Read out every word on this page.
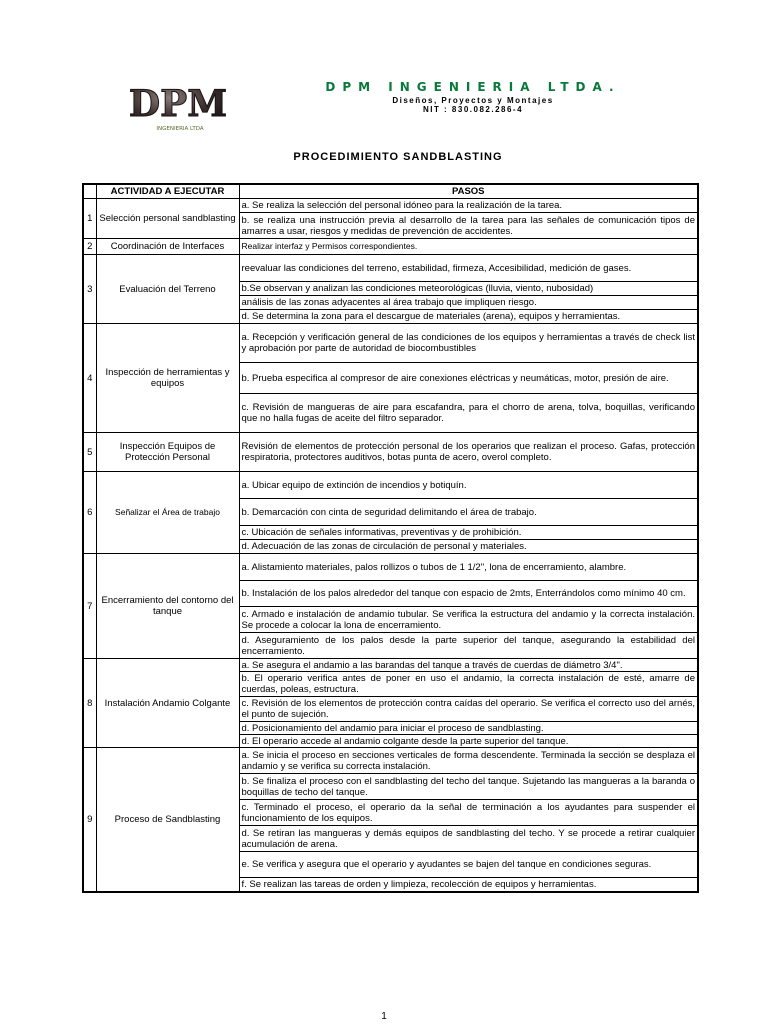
DPM
INGENIERIA LTDA
DPM INGENIERIA LTDA.
Diseños, Proyectos y Montajes
NIT : 830.082.286-4
PROCEDIMIENTO SANDBLASTING
	ACTIVIDAD A EJECUTAR	PASOS
1	Selección personal sandblasting	a. Se realiza la selección del personal idóneo para la realización de la tarea.
		b. se realiza una instrucción previa al desarrollo de la tarea para las señales de comunicación tipos de amarres a usar, riesgos y medidas de prevención de accidentes.
2	Coordinación de Interfaces	Realizar interfaz y Permisos correspondientes.
3	Evaluación del Terreno	reevaluar las condiciones del terreno, estabilidad, firmeza, Accesibilidad, medición de gases.
		b.Se observan y analizan las condiciones meteorológicas (lluvia, viento, nubosidad)
		análisis de las zonas adyacentes al área trabajo que impliquen riesgo.
		d. Se determina la zona para el descargue de materiales (arena), equipos y herramientas.
4	Inspección de herramientas y equipos	a. Recepción y verificación general de las condiciones de los equipos y herramientas a través de check list y aprobación por parte de autoridad de biocombustibles
		b. Prueba especifica al compresor de aire conexiones eléctricas y neumáticas, motor, presión de aire.
		c. Revisión de mangueras de aire para escafandra, para el chorro de arena, tolva, boquillas, verificando que no halla fugas de aceite del filtro separador.
5	Inspección Equipos de Protección Personal	Revisión de elementos de protección personal de los operarios que realizan el proceso. Gafas, protección respiratoria, protectores auditivos, botas punta de acero, overol completo.
6	Señalizar el Área de trabajo	a. Ubicar equipo de extinción de incendios y botiquín.
		b. Demarcación con cinta de seguridad delimitando el área de trabajo.
		c. Ubicación de señales informativas, preventivas y de prohibición.
		d. Adecuación de las zonas de circulación de personal y materiales.
7	Encerramiento del contorno del tanque	a. Alistamiento materiales, palos rollizos o tubos de 1 1/2", lona de encerramiento, alambre.
		b. Instalación de los palos alrededor del tanque con espacio de 2mts, Enterrándolos como mínimo 40 cm.
		c. Armado e instalación de andamio tubular. Se verifica la estructura del andamio y la correcta instalación. Se procede a colocar la lona de encerramiento.
		d. Aseguramiento de los palos desde la parte superior del tanque, asegurando la estabilidad del encerramiento.
8	Instalación Andamio Colgante	a. Se asegura el andamio a las barandas del tanque a través de cuerdas de diámetro 3/4".
		b. El operario verifica antes de poner en uso el andamio, la correcta instalación de esté, amarre de cuerdas, poleas, estructura.
		c. Revisión de los elementos de protección contra caídas del operario. Se verifica el correcto uso del arnés, el punto de sujeción.
		d. Posicionamiento del andamio para iniciar el proceso de sandblasting.
		d. El operario accede al andamio colgante desde la parte superior del tanque.
9	Proceso de Sandblasting	a. Se inicia el proceso en secciones verticales de forma descendente. Terminada la sección se desplaza el andamio y se verifica su correcta instalación.
		b. Se finaliza el proceso con el sandblasting del techo del tanque. Sujetando las mangueras a la baranda o boquillas de techo del tanque.
		c. Terminado el proceso, el operario da la señal de terminación a los ayudantes para suspender el funcionamiento de los equipos.
		d. Se retiran las mangueras y demás equipos de sandblasting del techo. Y se procede a retirar cualquier acumulación de arena.
		e. Se verifica y asegura que el operario y ayudantes se bajen del tanque en condiciones seguras.
		f. Se realizan las tareas de orden y limpieza, recolección de equipos y herramientas.
1
